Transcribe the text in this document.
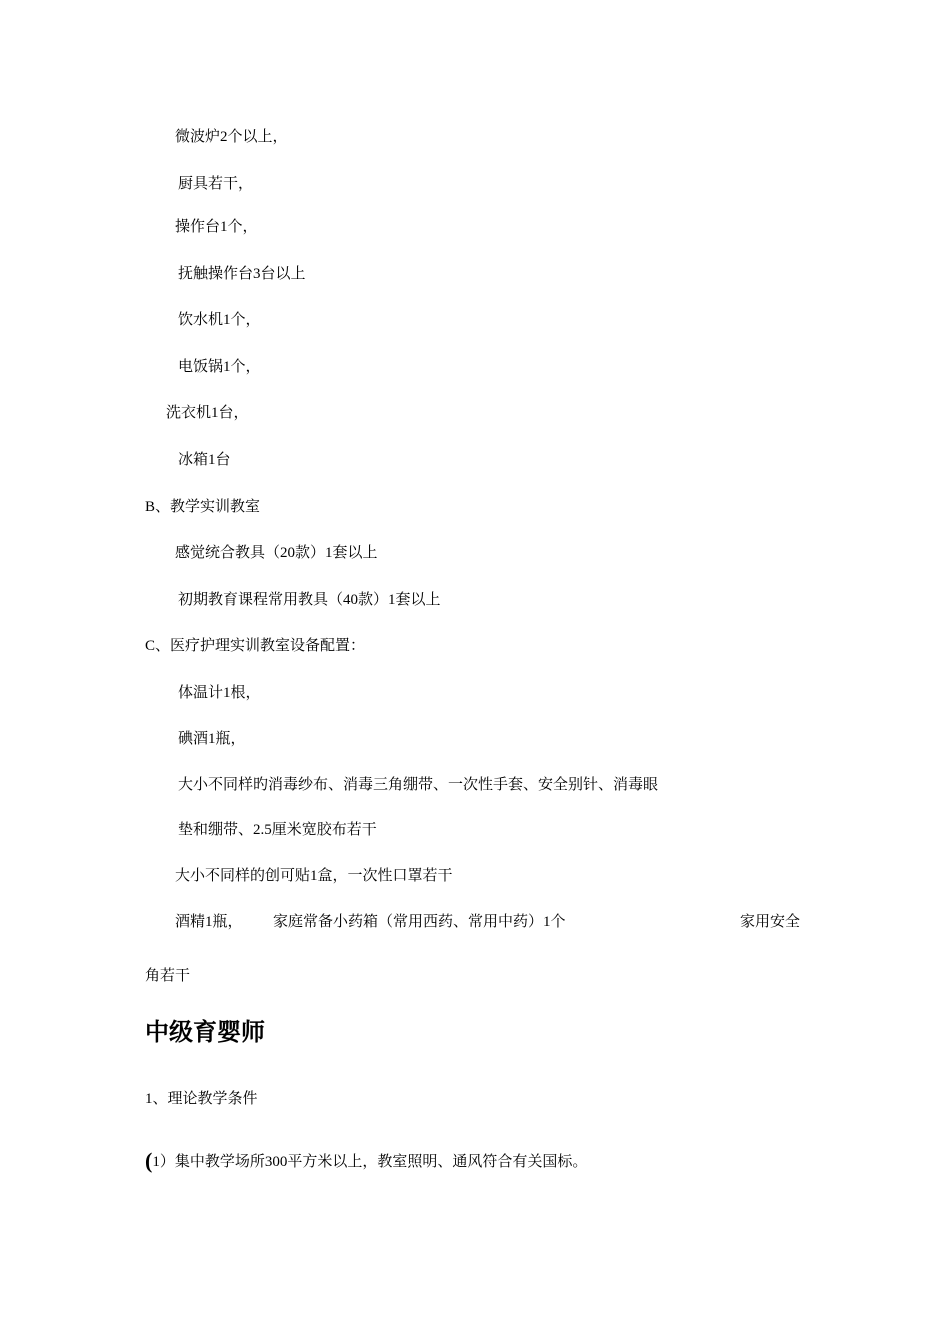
微波炉2个以上，
厨具若干，
操作台1个，
抚触操作台3台以上
饮水机1个，
电饭锅1个，
洗衣机1台，
冰箱1台
B、教学实训教室
感觉统合教具（20款）1套以上
初期教育课程常用教具（40款）1套以上
C、医疗护理实训教室设备配置：
体温计1根，
碘酒1瓶，
大小不同样旳消毒纱布、消毒三角绷带、一次性手套、安全别针、消毒眼
垫和绷带、2.5厘米宽胶布若干
大小不同样的创可贴1盒，一次性口罩若干
酒精1瓶， 家庭常备小药箱（常用西药、常用中药）1个	家用安全
角若干
中级育婴师
1、理论教学条件
(1）集中教学场所300平方米以上，教室照明、通风符合有关国标。
